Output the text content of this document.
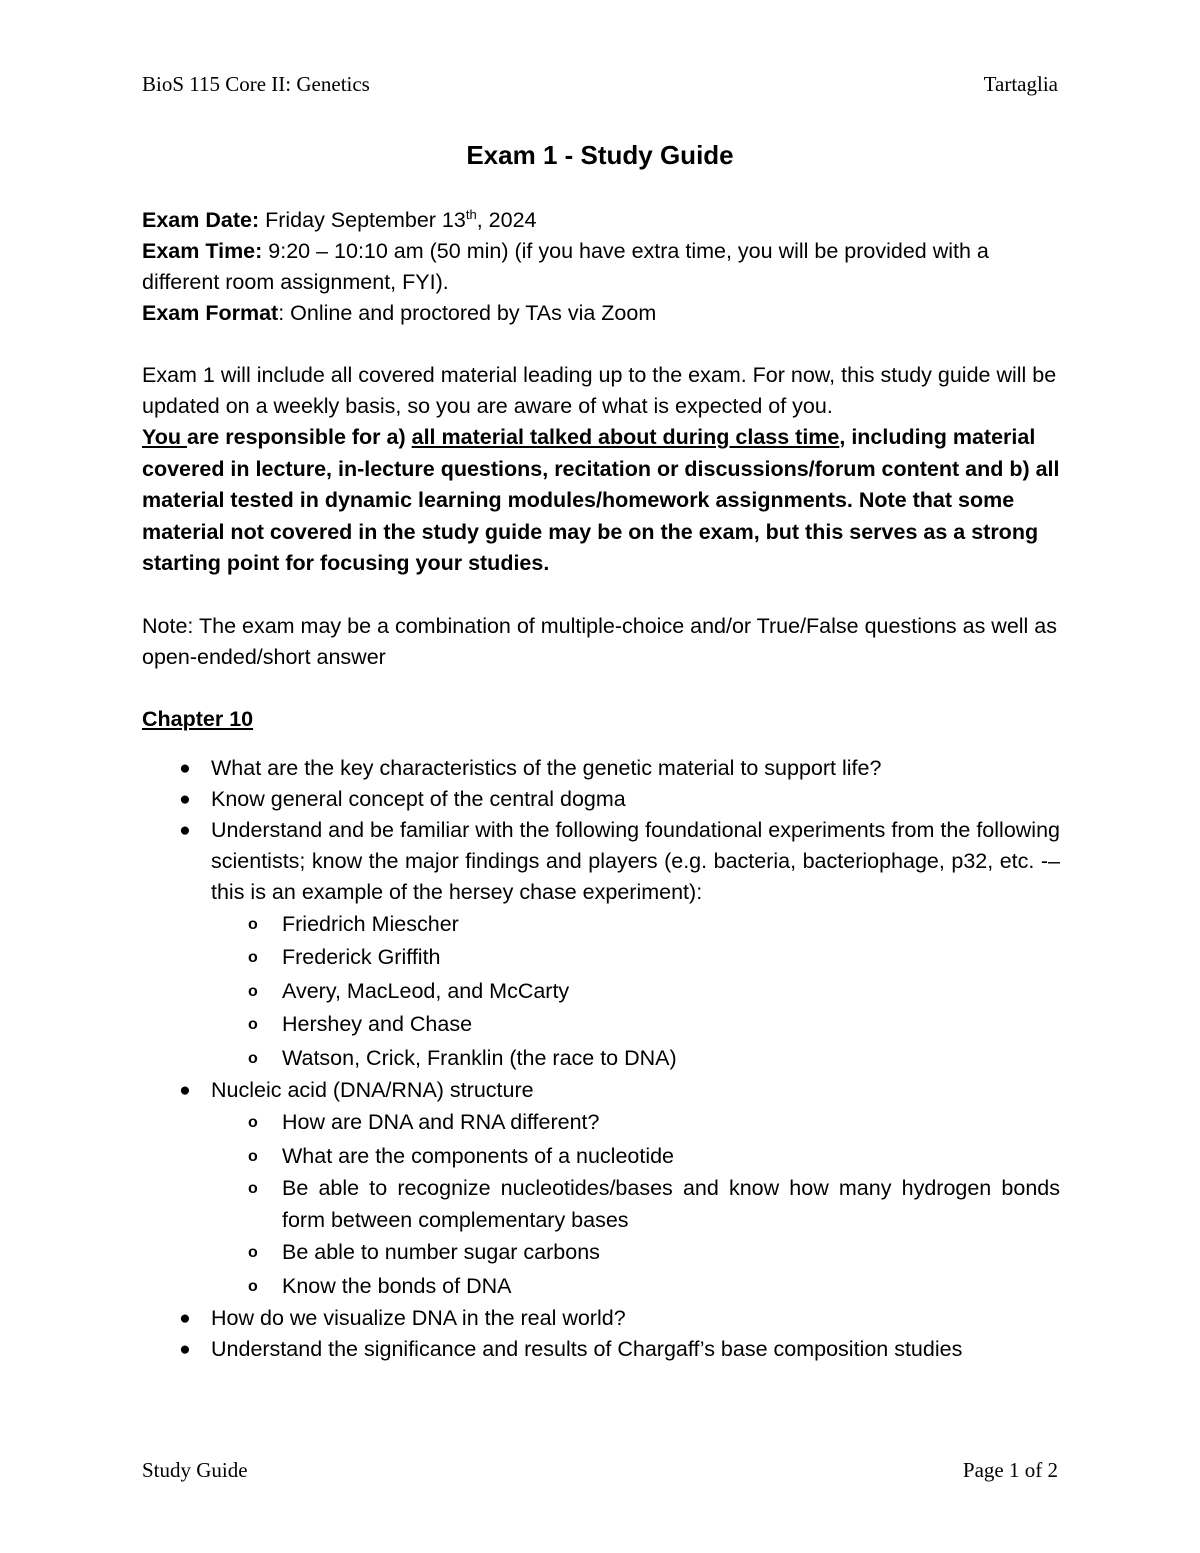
BioS 115 Core II: Genetics	Tartaglia
Exam 1 - Study Guide

Exam Date: Friday September 13th, 2024

Exam Time: 9:20 – 10:10 am (50 min) (if you have extra time, you will be provided with a different room assignment, FYI).

Exam Format: Online and proctored by TAs via Zoom

Exam 1 will include all covered material leading up to the exam. For now, this study guide will be updated on a weekly basis, so you are aware of what is expected of you.

You are responsible for a) all material talked about during class time, including material covered in lecture, in-lecture questions, recitation or discussions/forum content and b) all material tested in dynamic learning modules/homework assignments. Note that some material not covered in the study guide may be on the exam, but this serves as a strong starting point for focusing your studies.

Note: The exam may be a combination of multiple-choice and/or True/False questions as well as open-ended/short answer

Chapter 10

● What are the key characteristics of the genetic material to support life?
● Know general concept of the central dogma
● Understand and be familiar with the following foundational experiments from the following scientists; know the major findings and players (e.g. bacteria, bacteriophage, p32, etc. -–this is an example of the hersey chase experiment):
o Friedrich Miescher
o Frederick Griffith
o Avery, MacLeod, and McCarty
o Hershey and Chase
o Watson, Crick, Franklin (the race to DNA)
● Nucleic acid (DNA/RNA) structure
o How are DNA and RNA different?
o What are the components of a nucleotide
o Be able to recognize nucleotides/bases and know how many hydrogen bonds form between complementary bases
o Be able to number sugar carbons
o Know the bonds of DNA
● How do we visualize DNA in the real world?
● Understand the significance and results of Chargaff’s base composition studies
Study Guide	Page 1 of 2
